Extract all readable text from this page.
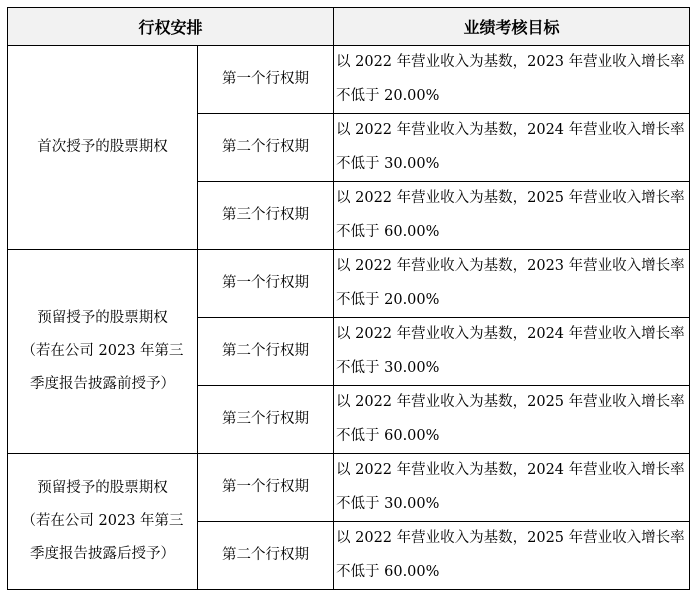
行权安排		业绩考核目标

首次授予的股票期权	第一个行权期	以 2022 年营业收入为基数，2023 年营业收入增长率不低于 20.00%
	第二个行权期	以 2022 年营业收入为基数，2024 年营业收入增长率不低于 30.00%
	第三个行权期	以 2022 年营业收入为基数，2025 年营业收入增长率不低于 60.00%

预留授予的股票期权
（若在公司 2023 年第三
季度报告披露前授予）	第一个行权期	以 2022 年营业收入为基数，2023 年营业收入增长率不低于 20.00%
	第二个行权期	以 2022 年营业收入为基数，2024 年营业收入增长率不低于 30.00%
	第三个行权期	以 2022 年营业收入为基数，2025 年营业收入增长率不低于 60.00%

预留授予的股票期权
（若在公司 2023 年第三
季度报告披露后授予）	第一个行权期	以 2022 年营业收入为基数，2024 年营业收入增长率不低于 30.00%
	第二个行权期	以 2022 年营业收入为基数，2025 年营业收入增长率不低于 60.00%
